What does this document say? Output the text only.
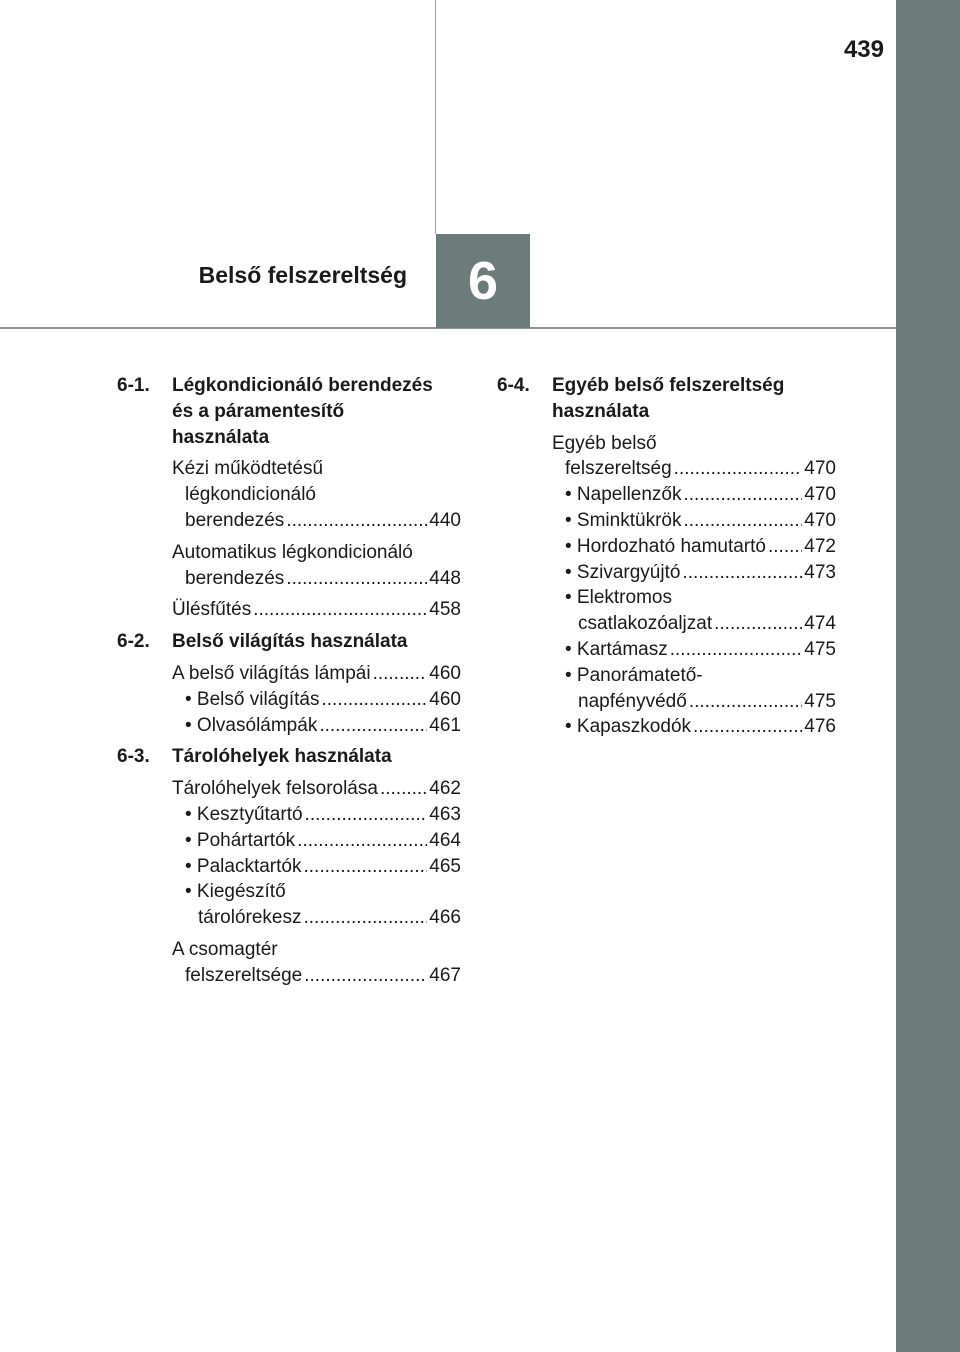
439
Belső felszereltség 6
6-1.	Légkondicionáló berendezés
és a páramentesítő
használata
Kézi működtetésű
légkondicionáló
berendezés .....	440
Automatikus légkondicionáló
berendezés .....	448
Ülésfűtés .....	458
6-2.	Belső világítás használata
A belső világítás lámpái .....	460
• Belső világítás .....	460
• Olvasólámpák .....	461
6-3.	Tárolóhelyek használata
Tárolóhelyek felsorolása .....	462
• Kesztyűtartó .....	463
• Pohártartók .....	464
• Palacktartók .....	465
• Kiegészítő
tárolórekesz .....	466
A csomagtér
felszereltsége .....	467
6-4.	Egyéb belső felszereltség
használata
Egyéb belső
felszereltség .....	470
• Napellenzők .....	470
• Sminktükrök .....	470
• Hordozható hamutartó ..... 472
• Szivargyújtó .....	473
• Elektromos
csatlakozóaljzat .....	474
• Kartámasz .....	475
• Panorámatető-
napfényvédő .....	475
• Kapaszkodók .....	476
